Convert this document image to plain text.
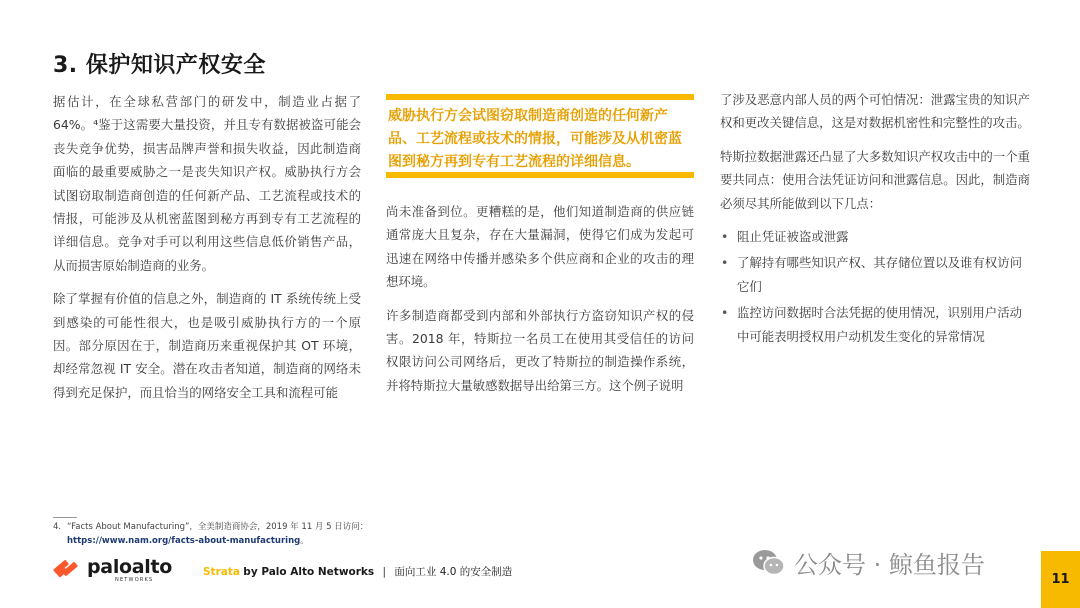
3. 保护知识产权安全

据估计，在全球私营部门的研发中，制造业占据了 64%。⁴鉴于这需要大量投资，并且专有数据被盗可能会丧失竞争优势，损害品牌声誉和损失收益，因此制造商面临的最重要威胁之一是丧失知识产权。威胁执行方会试图窃取制造商创造的任何新产品、工艺流程或技术的情报，可能涉及从机密蓝图到秘方再到专有工艺流程的详细信息。竞争对手可以利用这些信息低价销售产品，从而损害原始制造商的业务。

除了掌握有价值的信息之外，制造商的 IT 系统传统上受到感染的可能性很大，也是吸引威胁执行方的一个原因。部分原因在于，制造商历来重视保护其 OT 环境，却经常忽视 IT 安全。潜在攻击者知道，制造商的网络未得到充足保护，而且恰当的网络安全工具和流程可能

威胁执行方会试图窃取制造商创造的任何新产品、工艺流程或技术的情报，可能涉及从机密蓝图到秘方再到专有工艺流程的详细信息。

尚未准备到位。更糟糕的是，他们知道制造商的供应链通常庞大且复杂，存在大量漏洞，使得它们成为发起可迅速在网络中传播并感染多个供应商和企业的攻击的理想环境。

许多制造商都受到内部和外部执行方盗窃知识产权的侵害。2018 年，特斯拉一名员工在使用其受信任的访问权限访问公司网络后，更改了特斯拉的制造操作系统，并将特斯拉大量敏感数据导出给第三方。这个例子说明

了涉及恶意内部人员的两个可怕情况：泄露宝贵的知识产权和更改关键信息，这是对数据机密性和完整性的攻击。

特斯拉数据泄露还凸显了大多数知识产权攻击中的一个重要共同点：使用合法凭证访问和泄露信息。因此，制造商必须尽其所能做到以下几点：

• 阻止凭证被盗或泄露
• 了解持有哪些知识产权、其存储位置以及谁有权访问它们
• 监控访问数据时合法凭据的使用情况，识别用户活动中可能表明授权用户动机发生变化的异常情况
4. “Facts About Manufacturing”，全美制造商协会，2019 年 11 月 5 日访问：
https://www.nam.org/facts-about-manufacturing。
paloalto
NETWORKS
Strata by Palo Alto Networks | 面向工业 4.0 的安全制造	公众号 · 鲸鱼报告
11
